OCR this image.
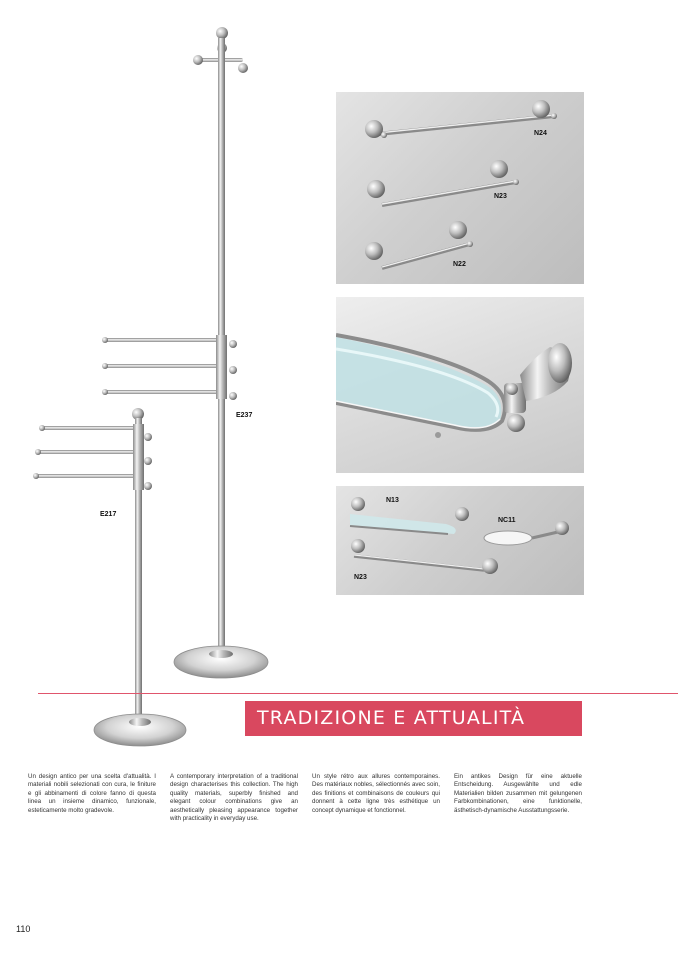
E237
E217
N24
N23
N22
N13
NC11
N23
TRADIZIONE E ATTUALITÀ
Un design antico per una scelta d'attualità. I materiali nobili selezionati con cura, le finiture e gli abbinamenti di colore fanno di questa linea un insieme dinamico, funzionale, esteticamente molto gradevole.
A contemporary interpretation of a traditional design characterises this collection. The high quality materials, superbly finished and elegant colour combinations give an aesthetically pleasing appearance together with practicality in everyday use.
Un style rétro aux allures contemporaines. Des matériaux nobles, sélectionnés avec soin, des finitions et combinaisons de couleurs qui donnent à cette ligne très esthétique un concept dynamique et fonctionnel.
Ein antikes Design für eine aktuelle Entscheidung. Ausgewählte und edle Materialien bilden zusammen mit gelungenen Farbkombinationen, eine funktionelle, ästhetisch-dynamische Ausstattungsserie.
110
